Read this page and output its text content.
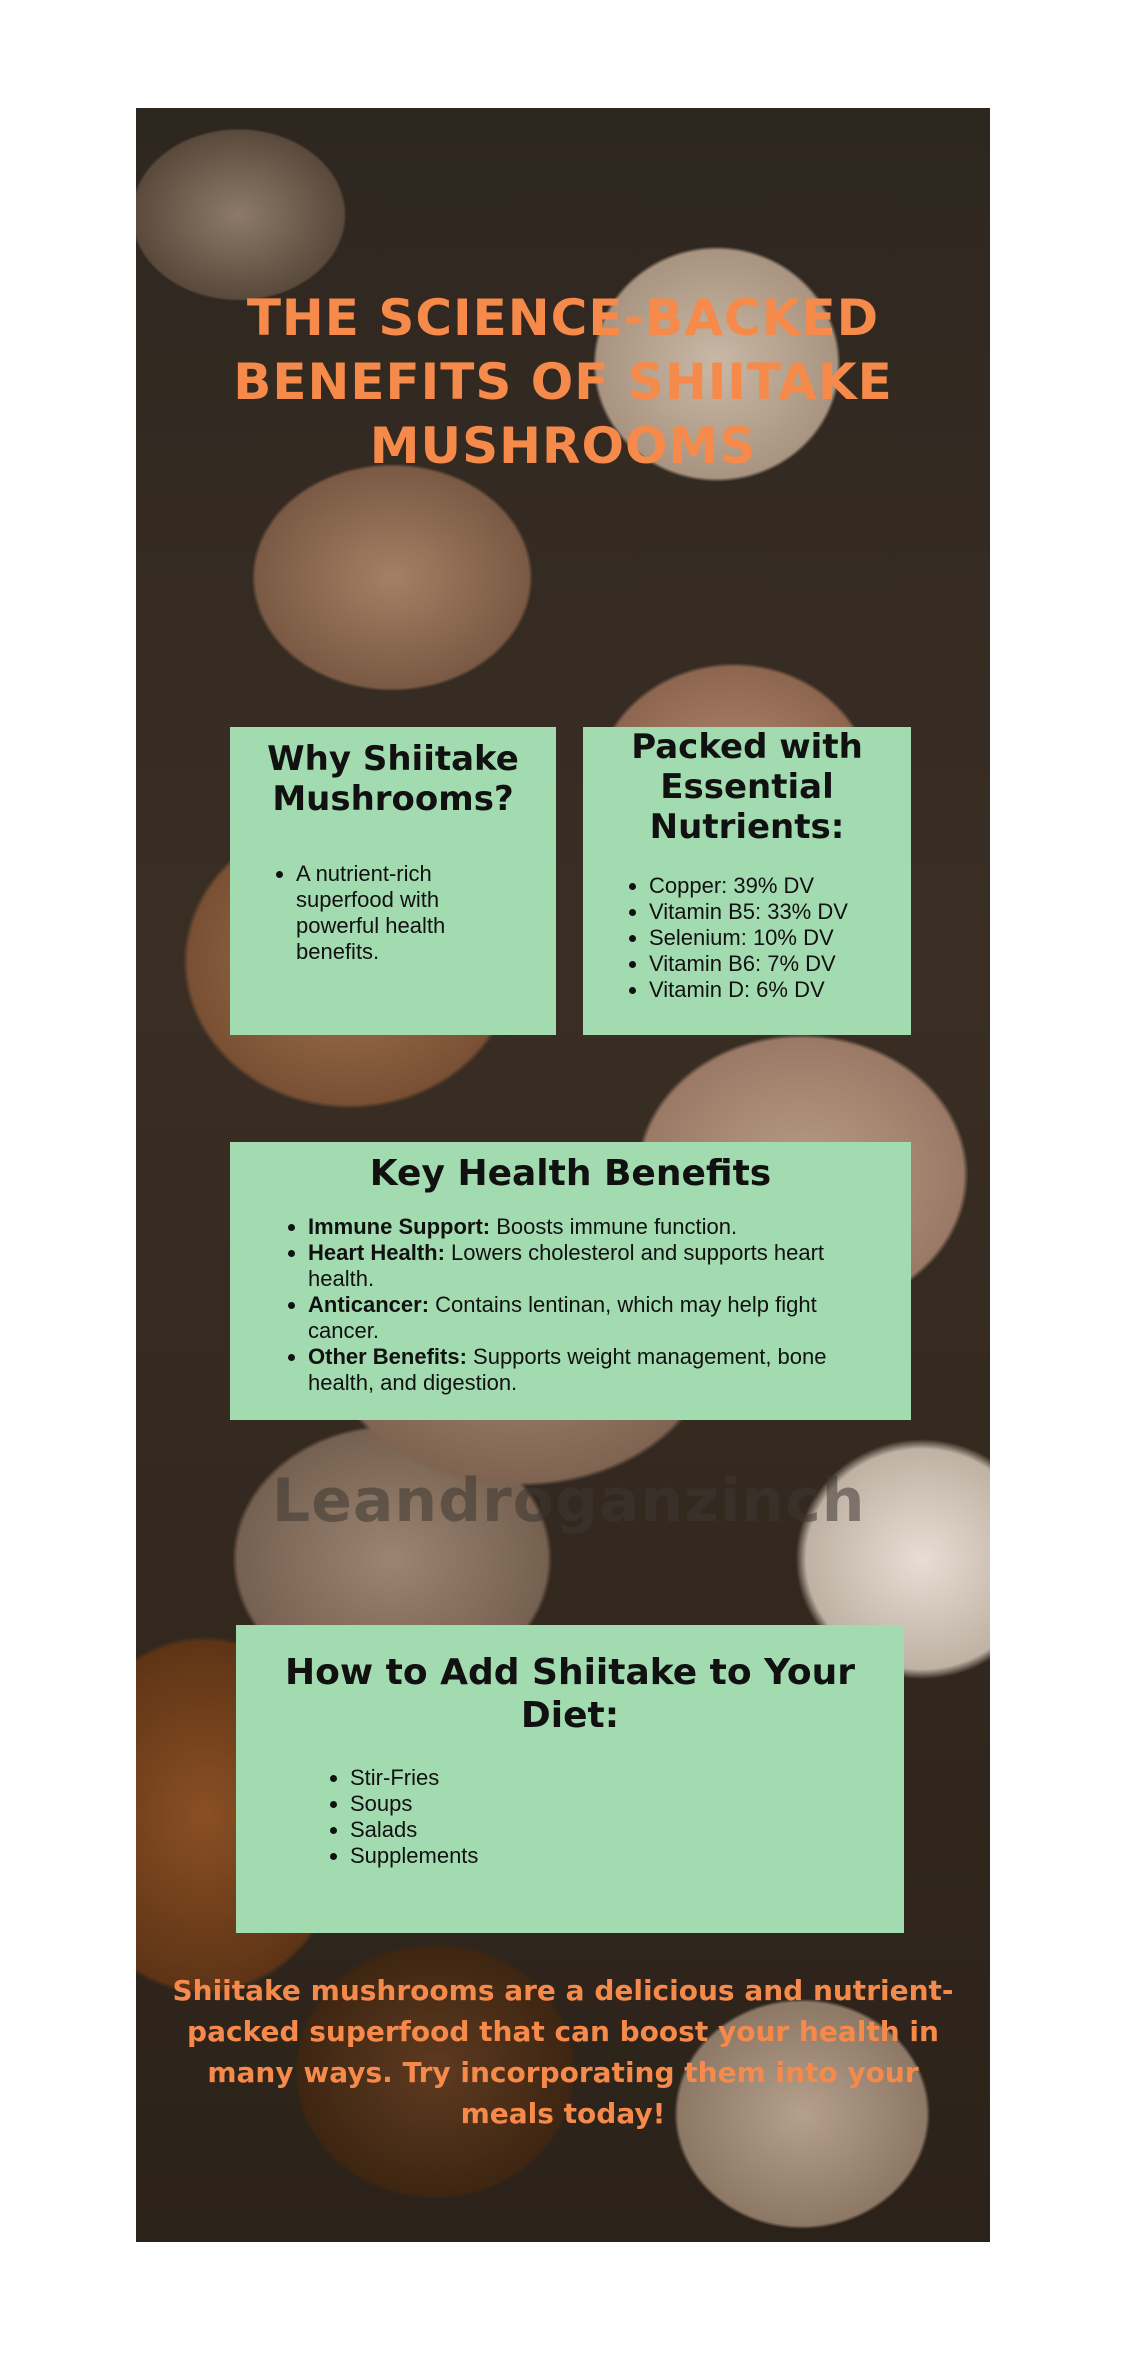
THE SCIENCE-BACKED
BENEFITS OF SHIITAKE
MUSHROOMS
Why Shiitake Mushrooms?
• A nutrient-rich superfood with powerful health benefits.
Packed with Essential Nutrients:
• Copper: 39% DV
• Vitamin B5: 33% DV
• Selenium: 10% DV
• Vitamin B6: 7% DV
• Vitamin D: 6% DV
Key Health Benefits
• Immune Support: Boosts immune function.
• Heart Health: Lowers cholesterol and supports heart health.
• Anticancer: Contains lentinan, which may help fight cancer.
• Other Benefits: Supports weight management, bone health, and digestion.
Leandroganzinch
How to Add Shiitake to Your Diet:
• Stir-Fries
• Soups
• Salads
• Supplements

Shiitake mushrooms are a delicious and nutrient-packed superfood that can boost your health in many ways. Try incorporating them into your meals today!
